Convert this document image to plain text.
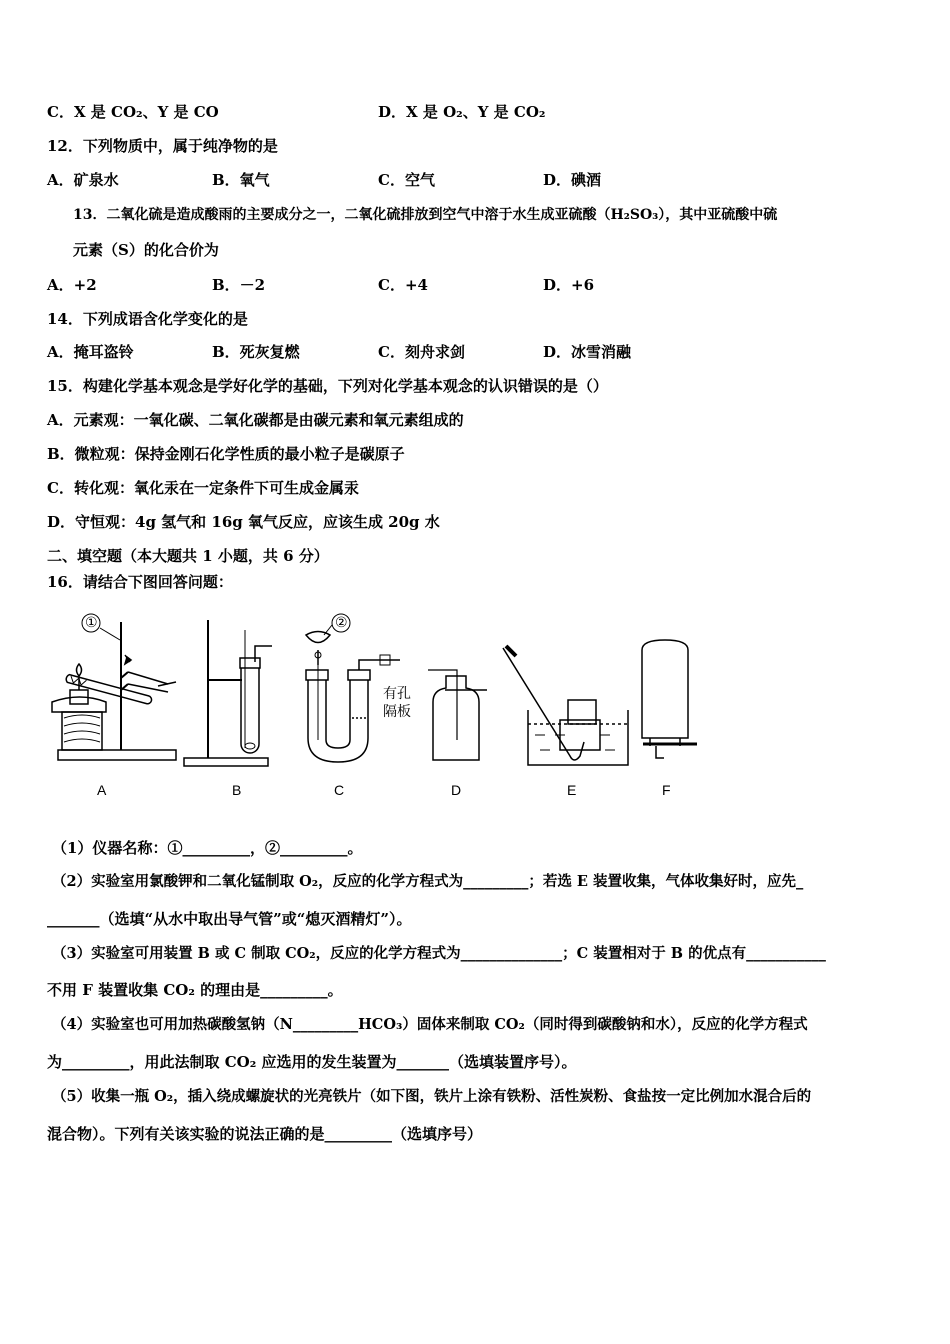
C．X 是 CO₂、Y 是 CO	D．X 是 O₂、Y 是 CO₂
12．下列物质中，属于纯净物的是
A．矿泉水	B．氧气	C．空气	D．碘酒
13．二氧化硫是造成酸雨的主要成分之一，二氧化硫排放到空气中溶于水生成亚硫酸（H₂SO₃），其中亚硫酸中硫
元素（S）的化合价为
A．+2	B．－2	C．+4	D．+6
14．下列成语含化学变化的是
A．掩耳盗铃	B．死灰复燃	C．刻舟求剑	D．冰雪消融
15．构建化学基本观念是学好化学的基础，下列对化学基本观念的认识错误的是（）
A．元素观：一氧化碳、二氧化碳都是由碳元素和氧元素组成的
B．微粒观：保持金刚石化学性质的最小粒子是碳原子
C．转化观：氧化汞在一定条件下可生成金属汞
D．守恒观：4g 氢气和 16g 氧气反应，应该生成 20g 水
二、填空题（本大题共 1 小题，共 6 分）
16．请结合下图回答问题：
①	②
有孔
隔板
A	B	C	D	E	F
（1）仪器名称：①_________，②_________。
（2）实验室用氯酸钾和二氧化锰制取 O₂，反应的化学方程式为_________；若选 E 装置收集，气体收集好时，应先_
_______（选填“从水中取出导气管”或“熄灭酒精灯”）。
（3）实验室可用装置 B 或 C 制取 CO₂，反应的化学方程式为______________；C 装置相对于 B 的优点有___________
不用 F 装置收集 CO₂ 的理由是_________。
（4）实验室也可用加热碳酸氢钠（N_________HCO₃）固体来制取 CO₂（同时得到碳酸钠和水），反应的化学方程式
为_________，用此法制取 CO₂ 应选用的发生装置为_______（选填装置序号）。
（5）收集一瓶 O₂，插入绕成螺旋状的光亮铁片（如下图，铁片上涂有铁粉、活性炭粉、食盐按一定比例加水混合后的
混合物）。下列有关该实验的说法正确的是_________（选填序号）
